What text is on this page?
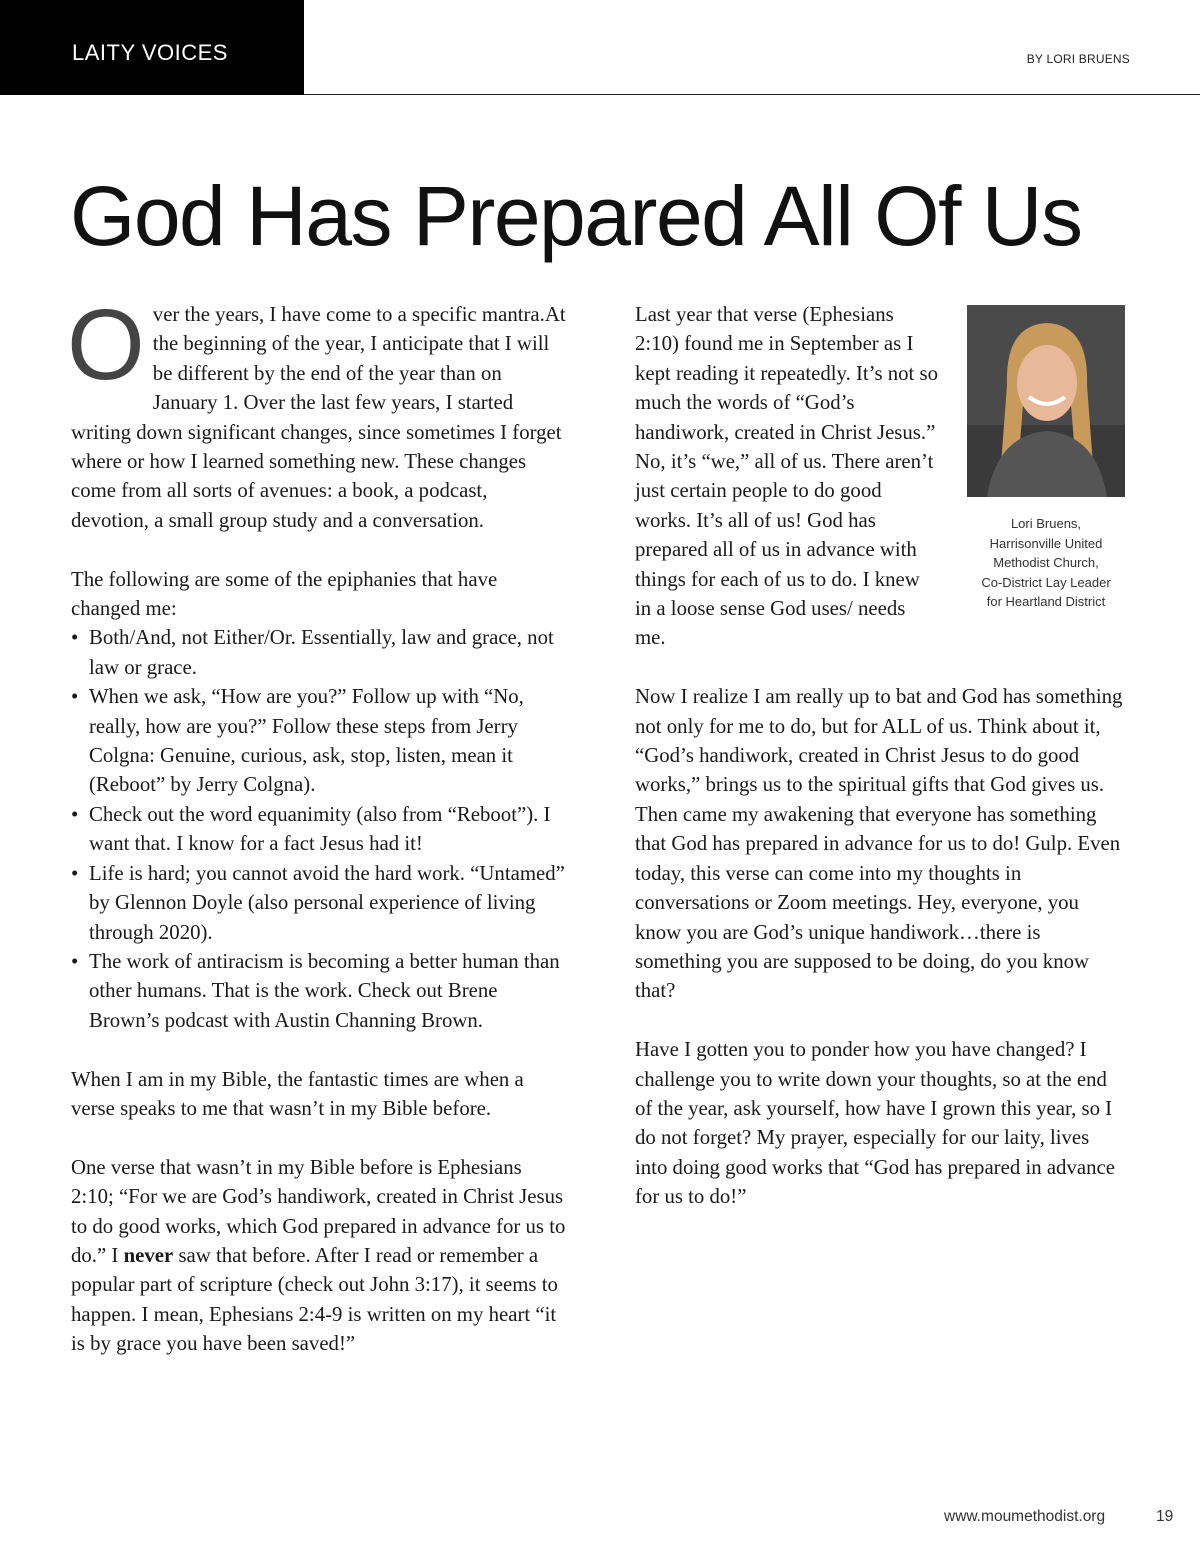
LAITY VOICES	BY LORI BRUENS
God Has Prepared All Of Us

Over the years, I have come to a specific mantra.At the beginning of the year, I anticipate that I will be different by the end of the year than on January 1. Over the last few years, I started writing down significant changes, since sometimes I forget where or how I learned something new. These changes come from all sorts of avenues: a book, a podcast, devotion, a small group study and a conversation.

The following are some of the epiphanies that have changed me:

• Both/And, not Either/Or. Essentially, law and grace, not law or grace.
• When we ask, “How are you?” Follow up with “No, really, how are you?” Follow these steps from Jerry Colgna: Genuine, curious, ask, stop, listen, mean it (Reboot” by Jerry Colgna).
• Check out the word equanimity (also from “Reboot”). I want that. I know for a fact Jesus had it!
• Life is hard; you cannot avoid the hard work. “Untamed” by Glennon Doyle (also personal experience of living through 2020).
• The work of antiracism is becoming a better human than other humans. That is the work. Check out Brene Brown’s podcast with Austin Channing Brown.

When I am in my Bible, the fantastic times are when a verse speaks to me that wasn’t in my Bible before.

One verse that wasn’t in my Bible before is Ephesians 2:10; “For we are God’s handiwork, created in Christ Jesus to do good works, which God prepared in advance for us to do.” I never saw that before. After I read or remember a popular part of scripture (check out John 3:17), it seems to happen. I mean, Ephesians 2:4-9 is written on my heart “it is by grace you have been saved!”

Lori Bruens,
Harrisonville United
Methodist Church,
Co-District Lay Leader
for Heartland District

Last year that verse (Ephesians 2:10) found me in September as I kept reading it repeatedly. It’s not so much the words of “God’s handiwork, created in Christ Jesus.” No, it’s “we,” all of us. There aren’t just certain people to do good works. It’s all of us! God has prepared all of us in advance with things for each of us to do. I knew in a loose sense God uses/ needs me.

Now I realize I am really up to bat and God has something not only for me to do, but for ALL of us. Think about it, “God’s handiwork, created in Christ Jesus to do good works,” brings us to the spiritual gifts that God gives us. Then came my awakening that everyone has something that God has prepared in advance for us to do! Gulp. Even today, this verse can come into my thoughts in conversations or Zoom meetings. Hey, everyone, you know you are God’s unique handiwork…there is something you are supposed to be doing, do you know that?

Have I gotten you to ponder how you have changed? I challenge you to write down your thoughts, so at the end of the year, ask yourself, how have I grown this year, so I do not forget? My prayer, especially for our laity, lives into doing good works that “God has prepared in advance for us to do!”

www.moumethodist.org	19
